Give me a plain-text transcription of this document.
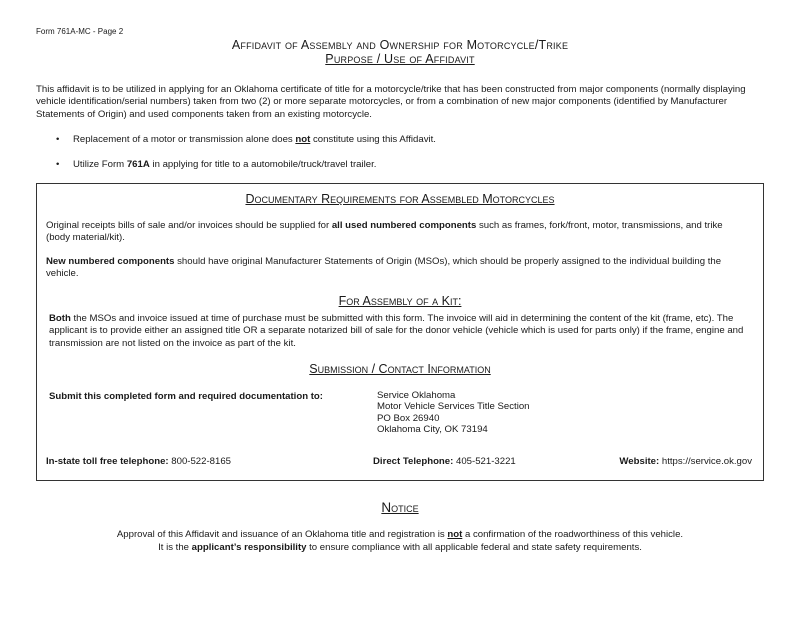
Form 761A-MC - Page 2
Affidavit of Assembly and Ownership for Motorcycle/Trike
Purpose / Use of Affidavit
This affidavit is to be utilized in applying for an Oklahoma certificate of title for a motorcycle/trike that has been constructed from major components (normally displaying vehicle identification/serial numbers) taken from two (2) or more separate motorcycles, or from a combination of new major components (identified by Manufacturer Statements of Origin) and used components taken from an existing motorcycle.
• Replacement of a motor or transmission alone does not constitute using this Affidavit.
• Utilize Form 761A in applying for title to a automobile/truck/travel trailer.
Documentary Requirements for Assembled Motorcycles
Original receipts bills of sale and/or invoices should be supplied for all used numbered components such as frames, fork/front, motor, transmissions, and trike (body material/kit).
New numbered components should have original Manufacturer Statements of Origin (MSOs), which should be properly assigned to the individual building the vehicle.
For Assembly of a Kit:
Both the MSOs and invoice issued at time of purchase must be submitted with this form. The invoice will aid in determining the content of the kit (frame, etc). The applicant is to provide either an assigned title OR a separate notarized bill of sale for the donor vehicle (vehicle which is used for parts only) if the frame, engine and transmission are not listed on the invoice as part of the kit.
Submission / Contact Information
Submit this completed form and required documentation to:	Service Oklahoma
Motor Vehicle Services Title Section
PO Box 26940
Oklahoma City, OK 73194
In-state toll free telephone: 800-522-8165	Direct Telephone: 405-521-3221	Website: https://service.ok.gov
Notice
Approval of this Affidavit and issuance of an Oklahoma title and registration is not a confirmation of the roadworthiness of this vehicle.
It is the applicant’s responsibility to ensure compliance with all applicable federal and state safety requirements.
